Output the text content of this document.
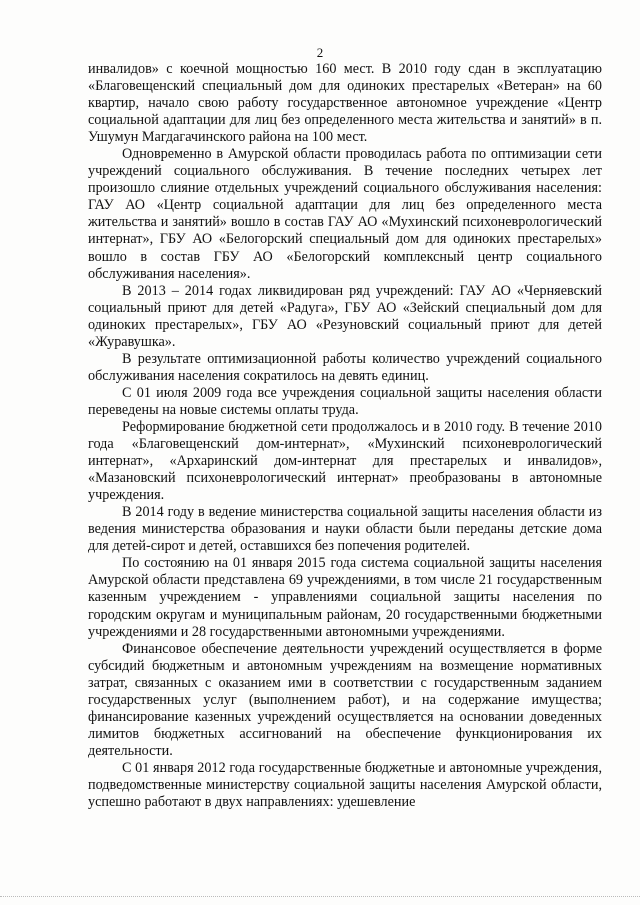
2

инвалидов» с коечной мощностью 160 мест. В 2010 году сдан в эксплуатацию «Благовещенский специальный дом для одиноких престарелых «Ветеран» на 60 квартир, начало свою работу государственное автономное учреждение «Центр социальной адаптации для лиц без определенного места жительства и занятий» в п. Ушумун Магдагачинского района на 100 мест.

Одновременно в Амурской области проводилась работа по оптимизации сети учреждений социального обслуживания. В течение последних четырех лет произошло слияние отдельных учреждений социального обслуживания населения: ГАУ АО «Центр социальной адаптации для лиц без определенного места жительства и занятий» вошло в состав ГАУ АО «Мухинский психоневрологический интернат», ГБУ АО «Белогорский специальный дом для одиноких престарелых» вошло в состав ГБУ АО «Белогорский комплексный центр социального обслуживания населения».

В 2013 – 2014 годах ликвидирован ряд учреждений: ГАУ АО «Черняевский социальный приют для детей «Радуга», ГБУ АО «Зейский специальный дом для одиноких престарелых», ГБУ АО «Резуновский социальный приют для детей «Журавушка».

В результате оптимизационной работы количество учреждений социального обслуживания населения сократилось на девять единиц.

С 01 июля 2009 года все учреждения социальной защиты населения области переведены на новые системы оплаты труда.

Реформирование бюджетной сети продолжалось и в 2010 году. В течение 2010 года «Благовещенский дом-интернат», «Мухинский психоневрологический интернат», «Архаринский дом-интернат для престарелых и инвалидов», «Мазановский психоневрологический интернат» преобразованы в автономные учреждения.

В 2014 году в ведение министерства социальной защиты населения области из ведения министерства образования и науки области были переданы детские дома для детей-сирот и детей, оставшихся без попечения родителей.

По состоянию на 01 января 2015 года система социальной защиты населения Амурской области представлена 69 учреждениями, в том числе 21 государственным казенным учреждением - управлениями социальной защиты населения по городским округам и муниципальным районам, 20 государственными бюджетными учреждениями и 28 государственными автономными учреждениями.

Финансовое обеспечение деятельности учреждений осуществляется в форме субсидий бюджетным и автономным учреждениям на возмещение нормативных затрат, связанных с оказанием ими в соответствии с государственным заданием государственных услуг (выполнением работ), и на содержание имущества; финансирование казенных учреждений осуществляется на основании доведенных лимитов бюджетных ассигнований на обеспечение функционирования их деятельности.

С 01 января 2012 года государственные бюджетные и автономные учреждения, подведомственные министерству социальной защиты населения Амурской области, успешно работают в двух направлениях: удешевление
